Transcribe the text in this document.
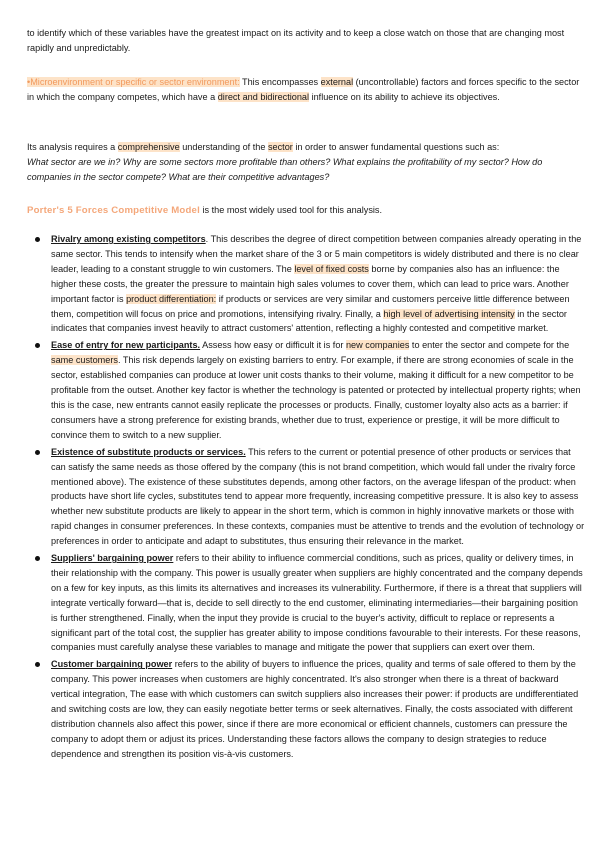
to identify which of these variables have the greatest impact on its activity and to keep a close watch on those that are changing most rapidly and unpredictably.

•Microenvironment or specific or sector environment: This encompasses external (uncontrollable) factors and forces specific to the sector in which the company competes, which have a direct and bidirectional influence on its ability to achieve its objectives.

Its analysis requires a comprehensive understanding of the sector in order to answer fundamental questions such as:
What sector are we in? Why are some sectors more profitable than others? What explains the profitability of my sector? How do companies in the sector compete? What are their competitive advantages?

Porter's 5 Forces Competitive Model is the most widely used tool for this analysis.

Rivalry among existing competitors. This describes the degree of direct competition between companies already operating in the same sector. This tends to intensify when the market share of the 3 or 5 main competitors is widely distributed and there is no clear leader, leading to a constant struggle to win customers. The level of fixed costs borne by companies also has an influence: the higher these costs, the greater the pressure to maintain high sales volumes to cover them, which can lead to price wars. Another important factor is product differentiation: if products or services are very similar and customers perceive little difference between them, competition will focus on price and promotions, intensifying rivalry. Finally, a high level of advertising intensity in the sector indicates that companies invest heavily to attract customers' attention, reflecting a highly contested and competitive market.
Ease of entry for new participants. Assess how easy or difficult it is for new companies to enter the sector and compete for the same customers. This risk depends largely on existing barriers to entry. For example, if there are strong economies of scale in the sector, established companies can produce at lower unit costs thanks to their volume, making it difficult for a new competitor to be profitable from the outset. Another key factor is whether the technology is patented or protected by intellectual property rights; when this is the case, new entrants cannot easily replicate the processes or products. Finally, customer loyalty also acts as a barrier: if consumers have a strong preference for existing brands, whether due to trust, experience or prestige, it will be more difficult to convince them to switch to a new supplier.
Existence of substitute products or services. This refers to the current or potential presence of other products or services that can satisfy the same needs as those offered by the company (this is not brand competition, which would fall under the rivalry force mentioned above). The existence of these substitutes depends, among other factors, on the average lifespan of the product: when products have short life cycles, substitutes tend to appear more frequently, increasing competitive pressure. It is also key to assess whether new substitute products are likely to appear in the short term, which is common in highly innovative markets or those with rapid changes in consumer preferences. In these contexts, companies must be attentive to trends and the evolution of technology or preferences in order to anticipate and adapt to substitutes, thus ensuring their relevance in the market.
Suppliers' bargaining power refers to their ability to influence commercial conditions, such as prices, quality or delivery times, in their relationship with the company. This power is usually greater when suppliers are highly concentrated and the company depends on a few for key inputs, as this limits its alternatives and increases its vulnerability. Furthermore, if there is a threat that suppliers will integrate vertically forward—that is, decide to sell directly to the end customer, eliminating intermediaries—their bargaining position is further strengthened. Finally, when the input they provide is crucial to the buyer's activity, difficult to replace or represents a significant part of the total cost, the supplier has greater ability to impose conditions favourable to their interests. For these reasons, companies must carefully analyse these variables to manage and mitigate the power that suppliers can exert over them.
Customer bargaining power refers to the ability of buyers to influence the prices, quality and terms of sale offered to them by the company. This power increases when customers are highly concentrated. It's also stronger when there is a threat of backward vertical integration, The ease with which customers can switch suppliers also increases their power: if products are undifferentiated and switching costs are low, they can easily negotiate better terms or seek alternatives. Finally, the costs associated with different distribution channels also affect this power, since if there are more economical or efficient channels, customers can pressure the company to adopt them or adjust its prices. Understanding these factors allows the company to design strategies to reduce dependence and strengthen its position vis-à-vis customers.
